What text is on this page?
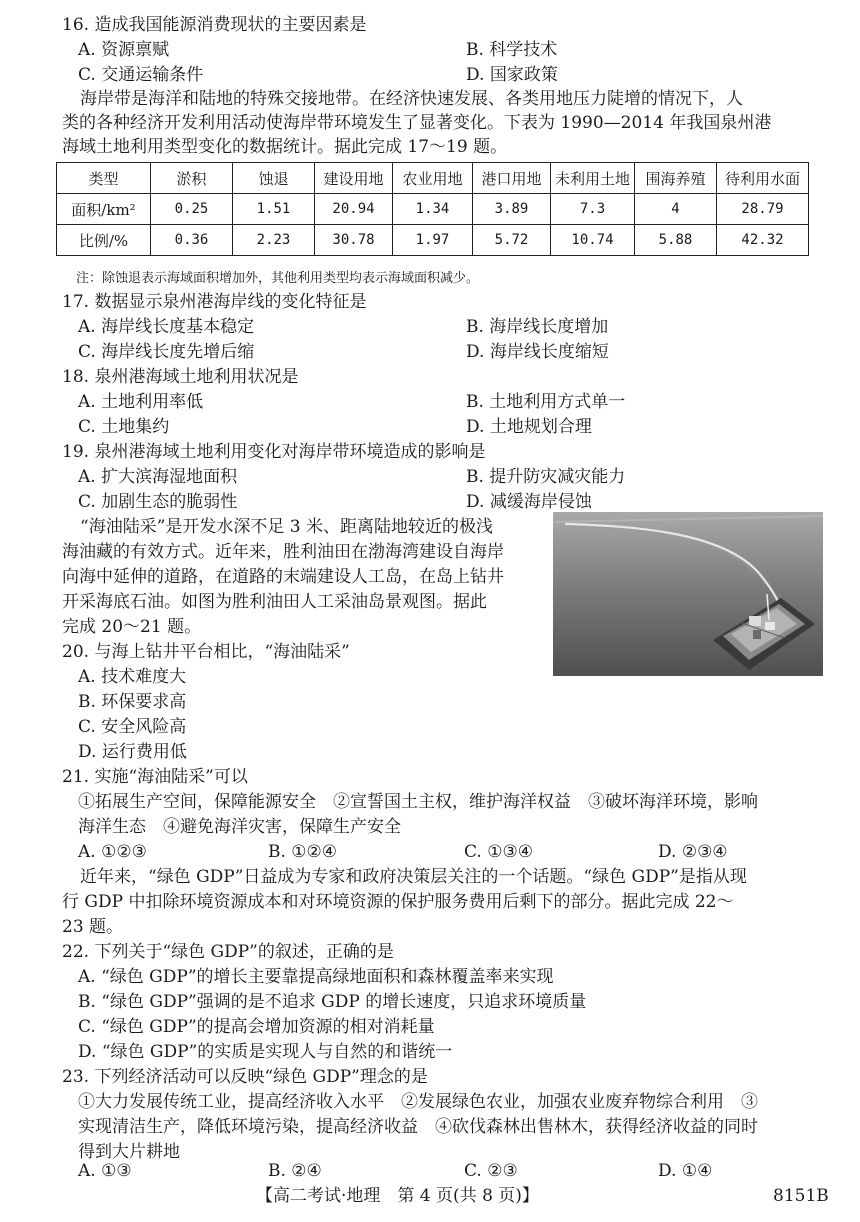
16. 造成我国能源消费现状的主要因素是
A. 资源禀赋	B. 科学技术
C. 交通运输条件	D. 国家政策
海岸带是海洋和陆地的特殊交接地带。在经济快速发展、各类用地压力陡增的情况下，人
类的各种经济开发利用活动使海岸带环境发生了显著变化。下表为 1990—2014 年我国泉州港
海域土地利用类型变化的数据统计。据此完成 17～19 题。
类型	淤积	蚀退	建设用地	农业用地	港口用地	未利用土地	围海养殖	待利用水面
面积/km²	0.25	1.51	20.94	1.34	3.89	7.3	4	28.79
比例/%	0.36	2.23	30.78	1.97	5.72	10.74	5.88	42.32
注：除蚀退表示海域面积增加外，其他利用类型均表示海域面积减少。
17. 数据显示泉州港海岸线的变化特征是
A. 海岸线长度基本稳定	B. 海岸线长度增加
C. 海岸线长度先增后缩	D. 海岸线长度缩短
18. 泉州港海域土地利用状况是
A. 土地利用率低	B. 土地利用方式单一
C. 土地集约	D. 土地规划合理
19. 泉州港海域土地利用变化对海岸带环境造成的影响是
A. 扩大滨海湿地面积	B. 提升防灾减灾能力
C. 加剧生态的脆弱性	D. 减缓海岸侵蚀
“海油陆采”是开发水深不足 3 米、距离陆地较近的极浅
海油藏的有效方式。近年来，胜利油田在渤海湾建设自海岸
向海中延伸的道路，在道路的末端建设人工岛，在岛上钻井
开采海底石油。如图为胜利油田人工采油岛景观图。据此
完成 20～21 题。
20. 与海上钻井平台相比，“海油陆采”
A. 技术难度大
B. 环保要求高
C. 安全风险高
D. 运行费用低
21. 实施“海油陆采”可以
①拓展生产空间，保障能源安全　②宣誓国土主权，维护海洋权益　③破坏海洋环境，影响
海洋生态　④避免海洋灾害，保障生产安全
A. ①②③	B. ①②④	C. ①③④	D. ②③④
近年来，“绿色 GDP”日益成为专家和政府决策层关注的一个话题。“绿色 GDP”是指从现
行 GDP 中扣除环境资源成本和对环境资源的保护服务费用后剩下的部分。据此完成 22～
23 题。
22. 下列关于“绿色 GDP”的叙述，正确的是
A. “绿色 GDP”的增长主要靠提高绿地面积和森林覆盖率来实现
B. “绿色 GDP”强调的是不追求 GDP 的增长速度，只追求环境质量
C. “绿色 GDP”的提高会增加资源的相对消耗量
D. “绿色 GDP”的实质是实现人与自然的和谐统一
23. 下列经济活动可以反映“绿色 GDP”理念的是
①大力发展传统工业，提高经济收入水平　②发展绿色农业，加强农业废弃物综合利用　③
实现清洁生产，降低环境污染，提高经济收益　④砍伐森林出售林木，获得经济收益的同时
得到大片耕地
A. ①③	B. ②④	C. ②③	D. ①④
【高二考试·地理　第 4 页(共 8 页)】	8151B
